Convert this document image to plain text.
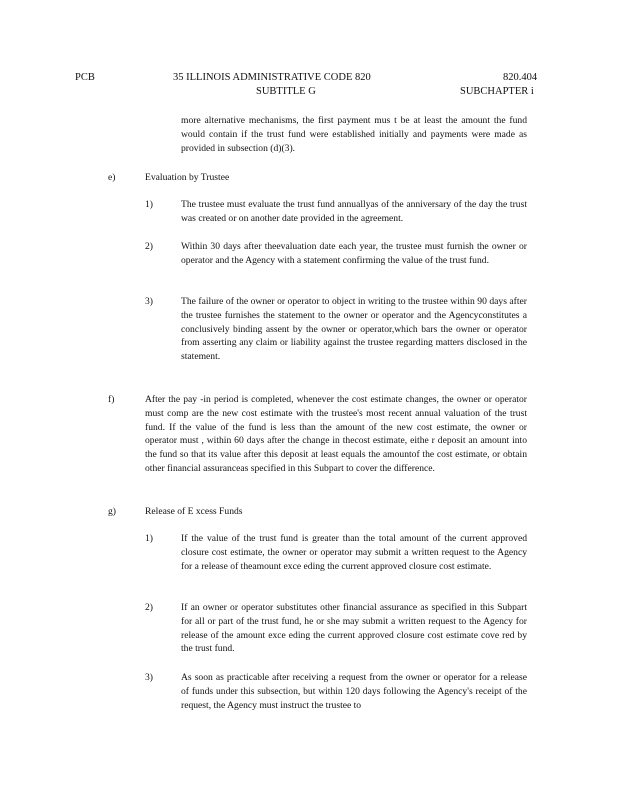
PCB	35 ILLINOIS ADMINISTRATIVE CODE 820
SUBTITLE G
820.404
SUBCHAPTER i
more alternative mechanisms, the first payment mus t be at least the amount the fund would contain if the trust fund were established initially and payments were made as provided in subsection (d)(3).
e)	Evaluation by Trustee
1)	The trustee must evaluate the trust fund annuallyas of the anniversary of the day the trust was created or on another date provided in the agreement.
2)	Within 30 days after theevaluation date each year, the trustee must furnish the owner or operator and the Agency with a statement confirming the value of the trust fund.
3)	The failure of the owner or operator to object in writing to the trustee within 90 days after the trustee furnishes the statement to the owner or operator and the Agencyconstitutes a conclusively binding assent by the owner or operator,which bars the owner or operator from asserting any claim or liability against the trustee regarding matters disclosed in the statement.
f)	After the pay -in period is completed, whenever the cost estimate changes, the owner or operator must comp are the new cost estimate with the trustee's most recent annual valuation of the trust fund. If the value of the fund is less than the amount of the new cost estimate, the owner or operator must , within 60 days after the change in thecost estimate, eithe r deposit an amount into the fund so that its value after this deposit at least equals the amountof the cost estimate, or obtain other financial assuranceas specified in this Subpart to cover the difference.
g)	Release of E xcess Funds
1)	If the value of the trust fund is greater than the total amount of the current approved closure cost estimate, the owner or operator may submit a written request to the Agency for a release of theamount exce eding the current approved closure cost estimate.
2)	If an owner or operator substitutes other financial assurance as specified in this Subpart for all or part of the trust fund, he or she may submit a written request to the Agency for release of the amount exce eding the current approved closure cost estimate cove red by the trust fund.
3)	As soon as practicable after receiving a request from the owner or operator for a release of funds under this subsection, but within 120 days following the Agency's receipt of the request, the Agency must instruct the trustee to
